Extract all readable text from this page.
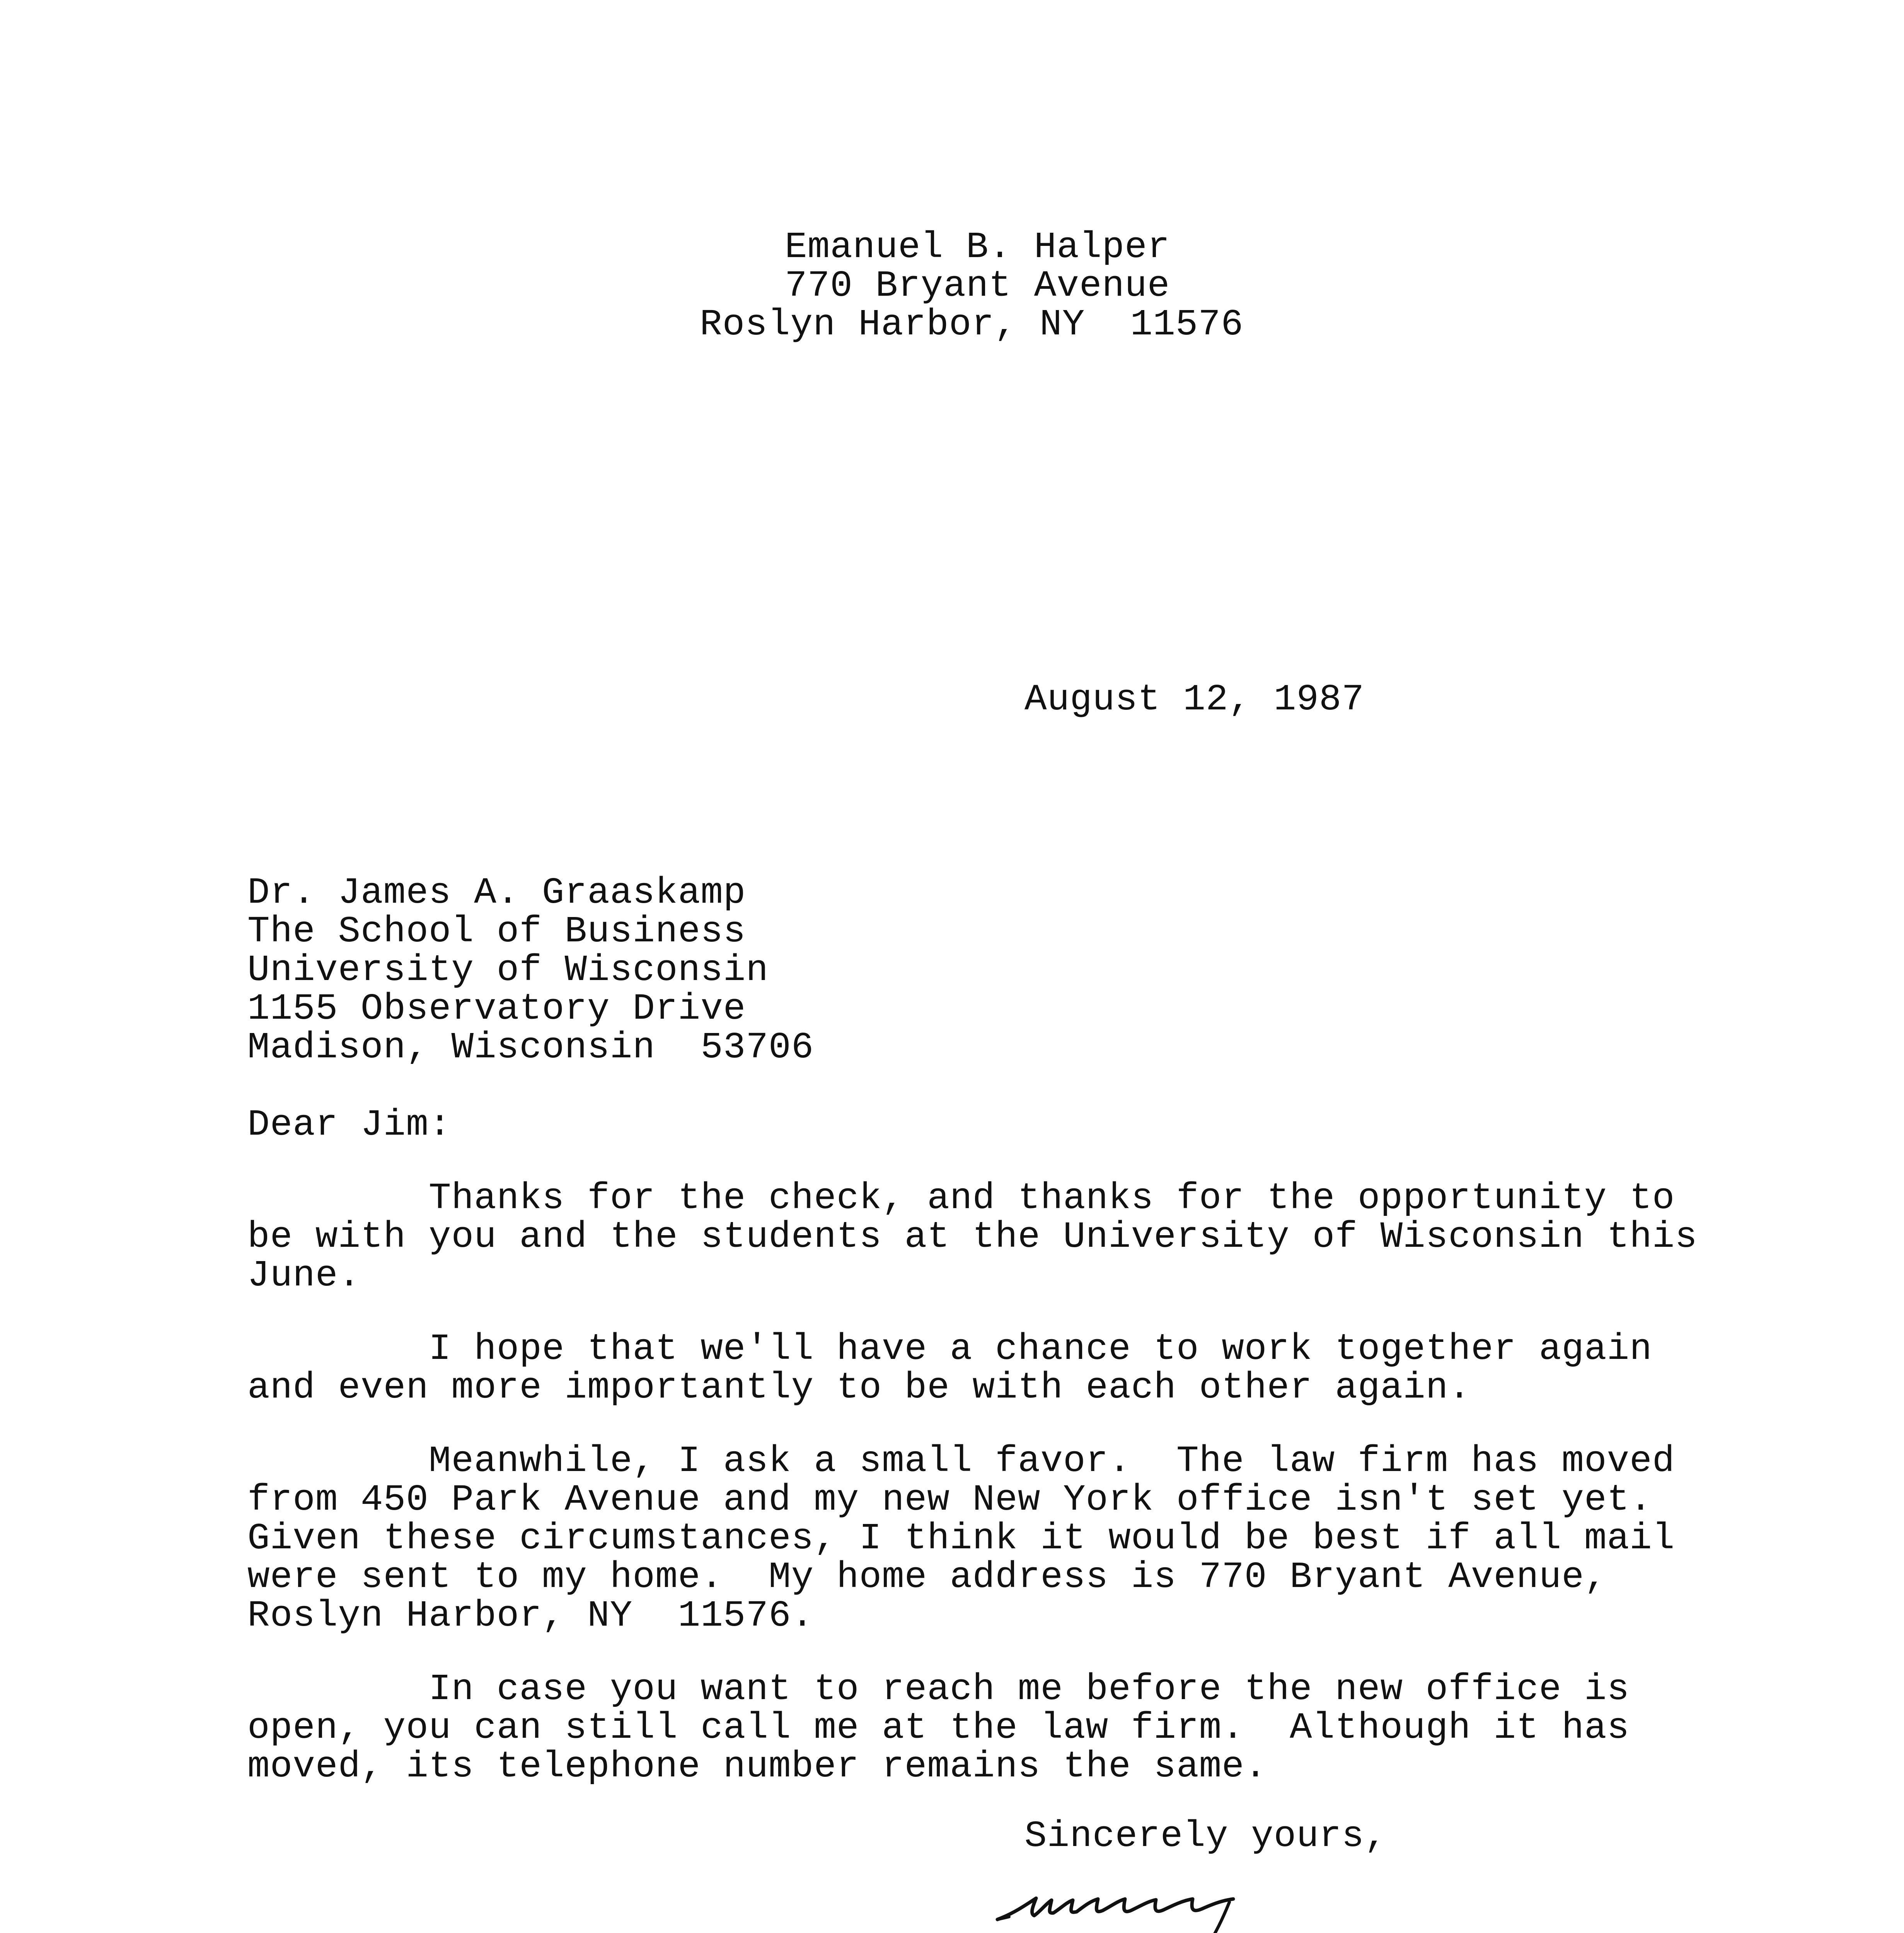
Emanuel B. Halper
770 Bryant Avenue
Roslyn Harbor, NY  11576
August 12, 1987
Dr. James A. Graaskamp
The School of Business
University of Wisconsin
1155 Observatory Drive
Madison, Wisconsin  53706
Dear Jim:
Thanks for the check, and thanks for the opportunity to
be with you and the students at the University of Wisconsin this
June.
I hope that we'll have a chance to work together again
and even more importantly to be with each other again.
Meanwhile, I ask a small favor.  The law firm has moved
from 450 Park Avenue and my new New York office isn't set yet.
Given these circumstances, I think it would be best if all mail
were sent to my home.  My home address is 770 Bryant Avenue,
Roslyn Harbor, NY  11576.
In case you want to reach me before the new office is
open, you can still call me at the law firm.  Although it has
moved, its telephone number remains the same.
Sincerely yours,
